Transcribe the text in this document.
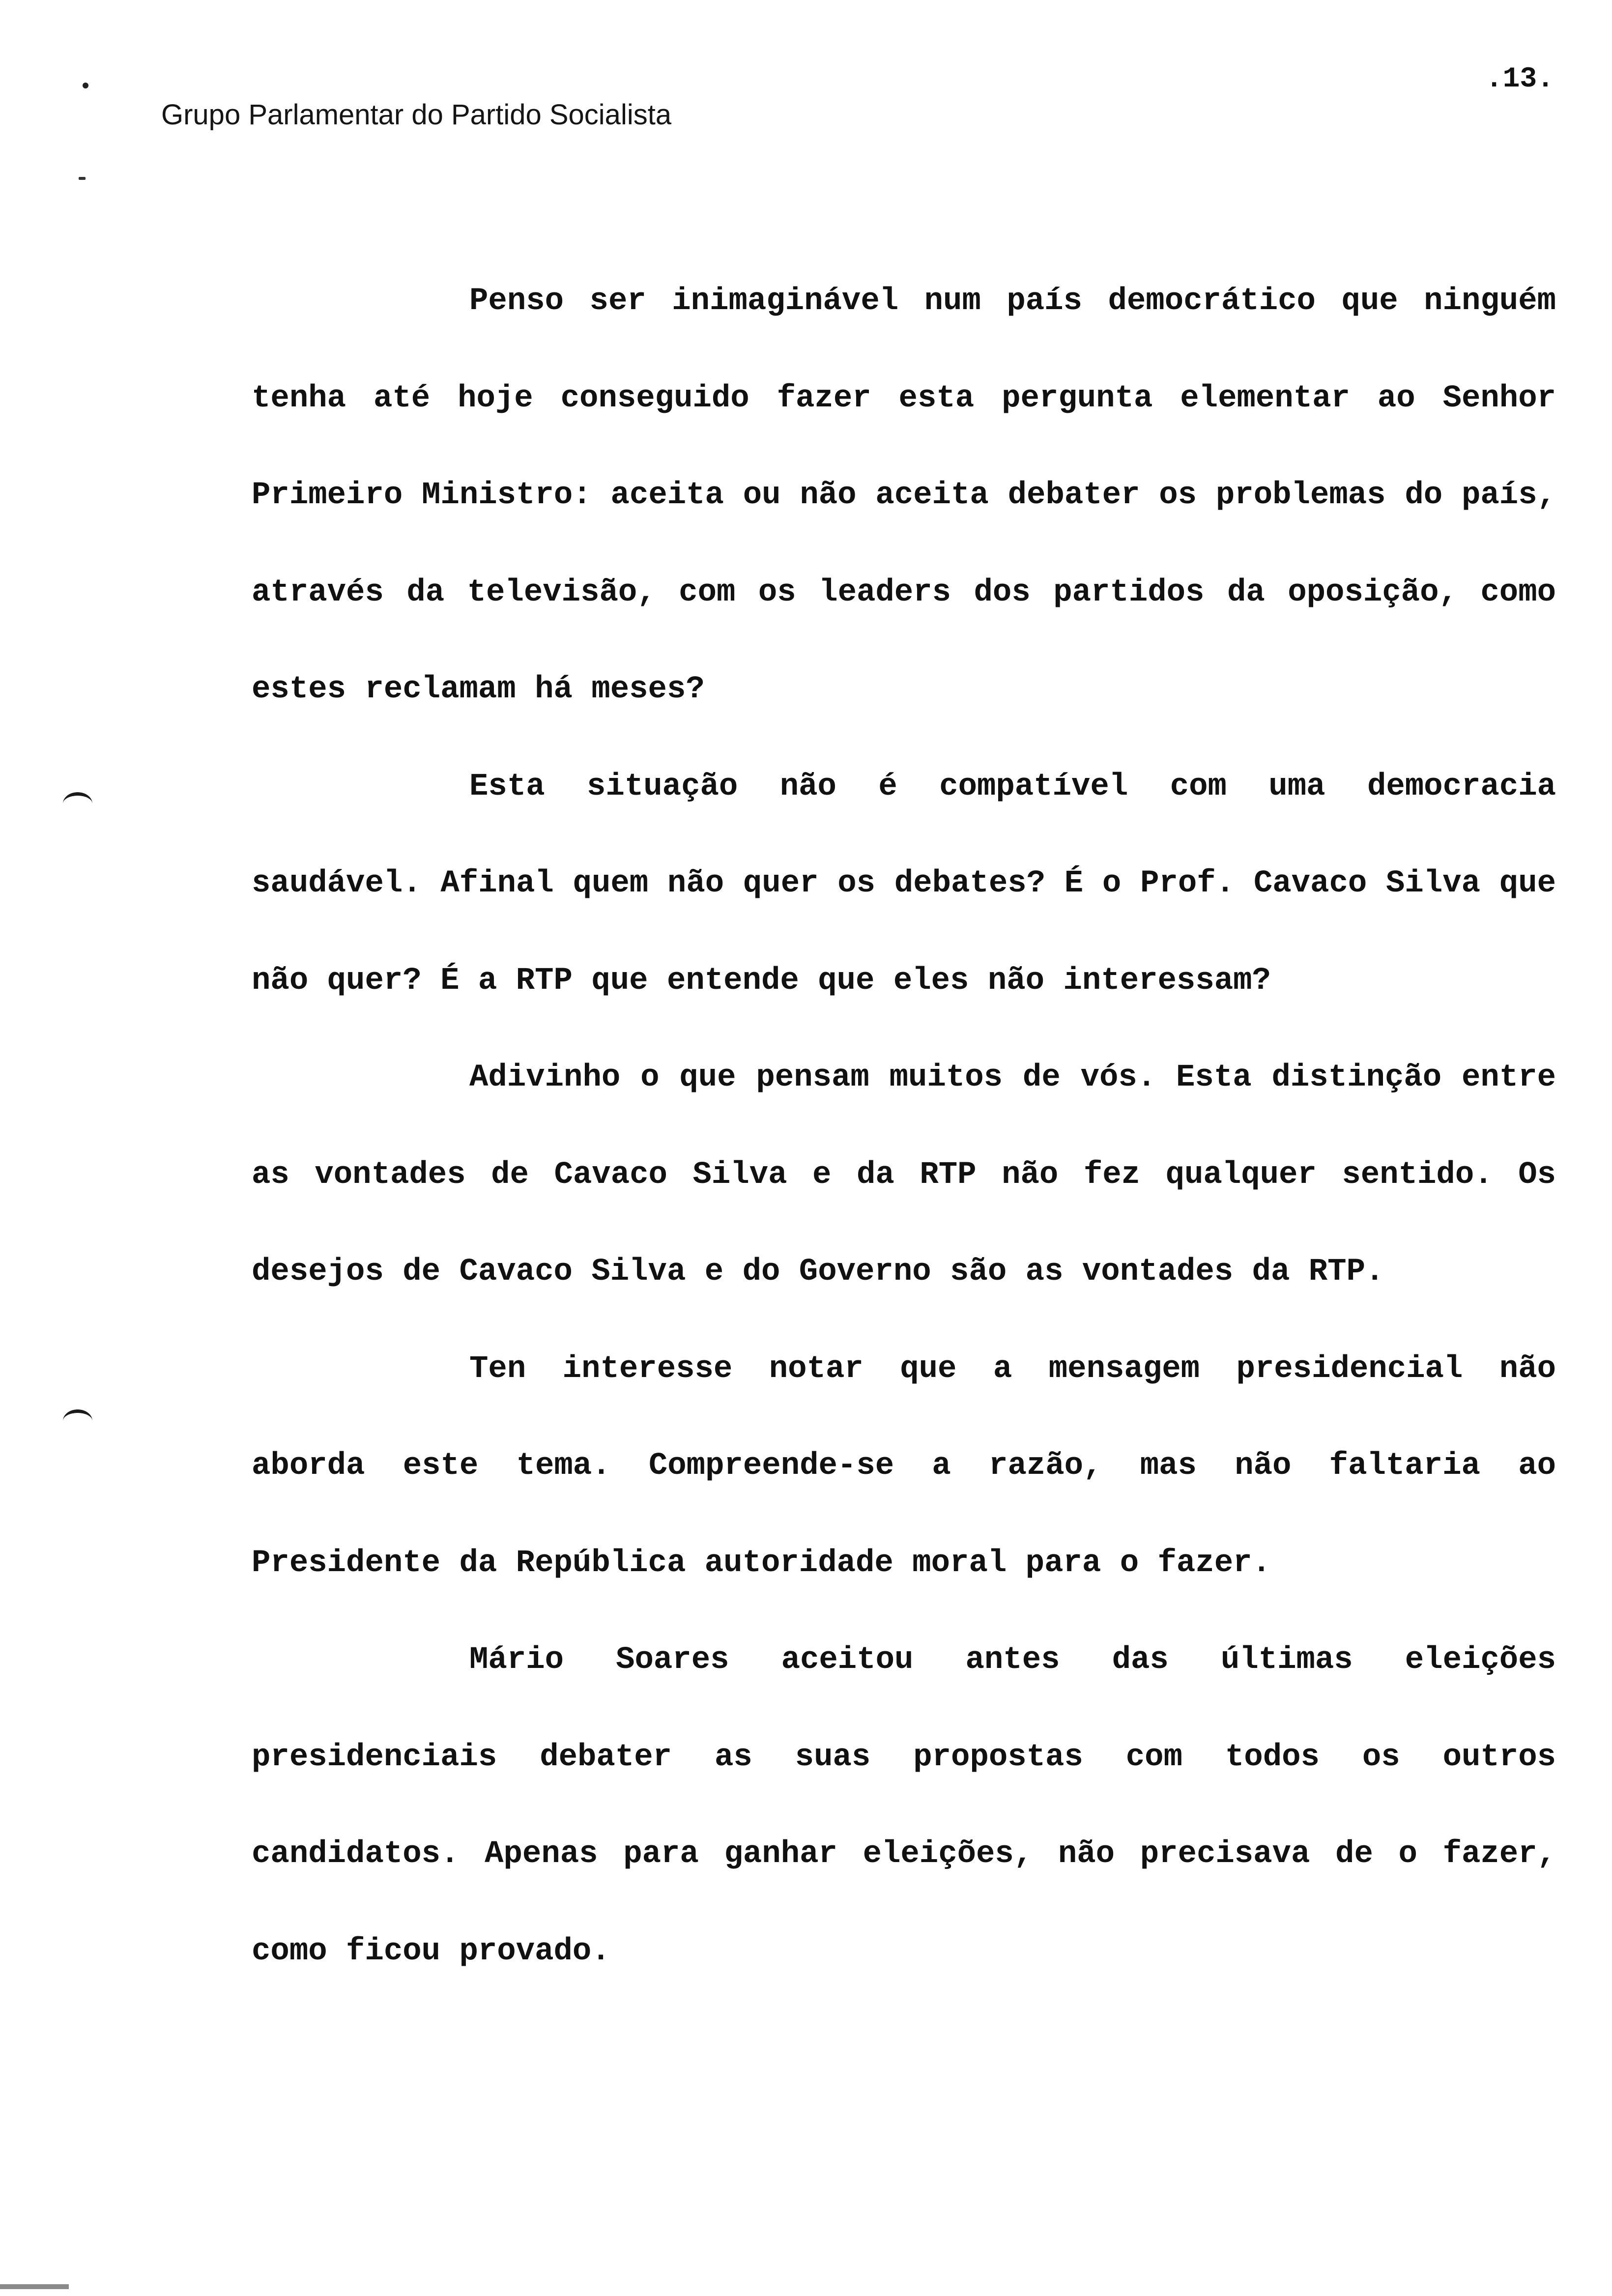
Grupo Parlamentar do Partido Socialista
.13.

Penso ser inimaginável num país democrático que ninguém tenha até hoje conseguido fazer esta pergunta elementar ao Senhor Primeiro Ministro: aceita ou não aceita debater os problemas do país, através da televisão, com os leaders dos partidos da oposição, como estes reclamam há meses?

Esta situação não é compatível com uma democracia saudável. Afinal quem não quer os debates? É o Prof. Cavaco Silva que não quer? É a RTP que entende que eles não interessam?

Adivinho o que pensam muitos de vós. Esta distinção entre as vontades de Cavaco Silva e da RTP não fez qualquer sentido. Os desejos de Cavaco Silva e do Governo são as vontades da RTP.

Ten interesse notar que a mensagem presidencial não aborda este tema. Compreende-se a razão, mas não faltaria ao Presidente da República autoridade moral para o fazer.

Mário Soares aceitou antes das últimas eleições presidenciais debater as suas propostas com todos os outros candidatos. Apenas para ganhar eleições, não precisava de o fazer, como ficou provado.
